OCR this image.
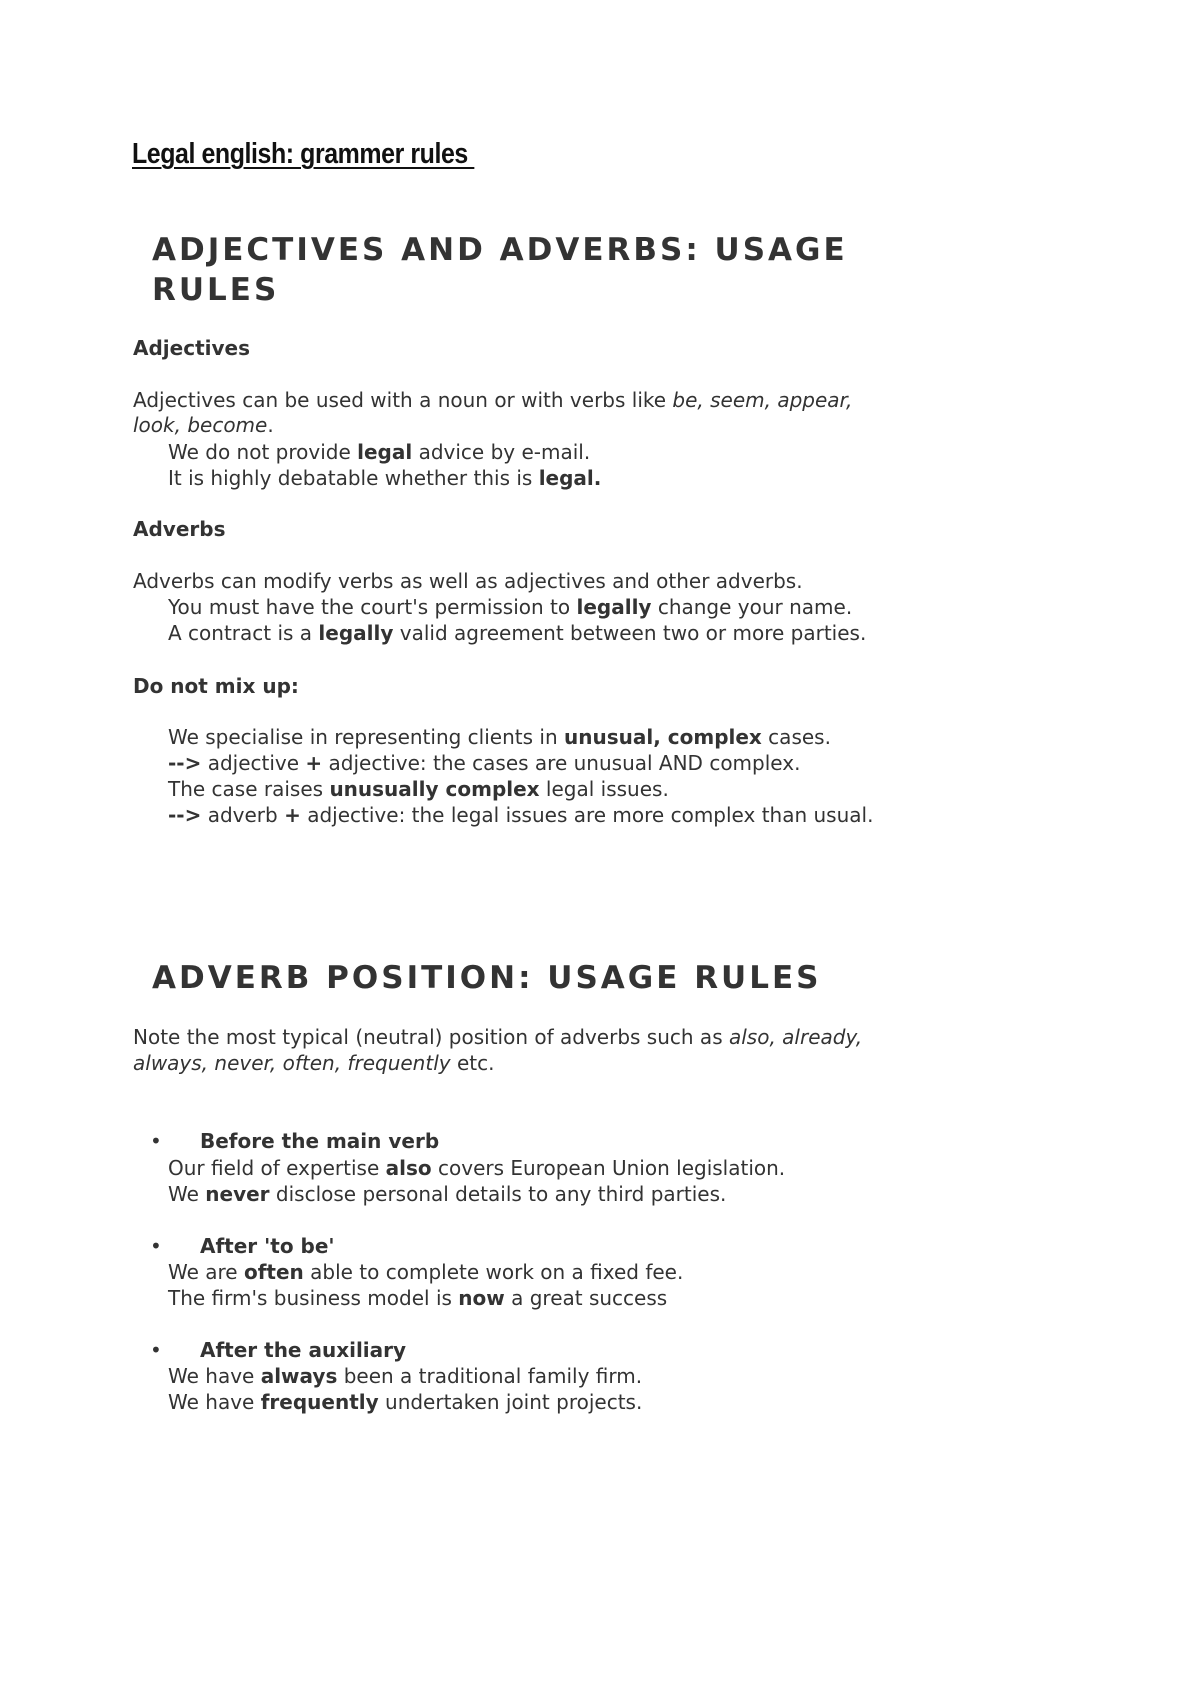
Legal english: grammer rules
ADJECTIVES AND ADVERBS: USAGE
RULES
Adjectives
Adverbs
Do not mix up:
ADVERB POSITION: USAGE RULES
• Before the main verb
• After 'to be'
• After the auxiliary
Adjectives can be used with a noun or with verbs like be, seem, appear,
look, become.
We do not provide legal advice by e-mail.
It is highly debatable whether this is legal.
Adverbs can modify verbs as well as adjectives and other adverbs.
You must have the court's permission to legally change your name.
A contract is a legally valid agreement between two or more parties.
We specialise in representing clients in unusual, complex cases.
--> adjective + adjective: the cases are unusual AND complex.
The case raises unusually complex legal issues.
--> adverb + adjective: the legal issues are more complex than usual.
Note the most typical (neutral) position of adverbs such as also, already,
always, never, often, frequently etc.
Our field of expertise also covers European Union legislation.
We never disclose personal details to any third parties.
We are often able to complete work on a fixed fee.
The firm's business model is now a great success
We have always been a traditional family firm.
We have frequently undertaken joint projects.
